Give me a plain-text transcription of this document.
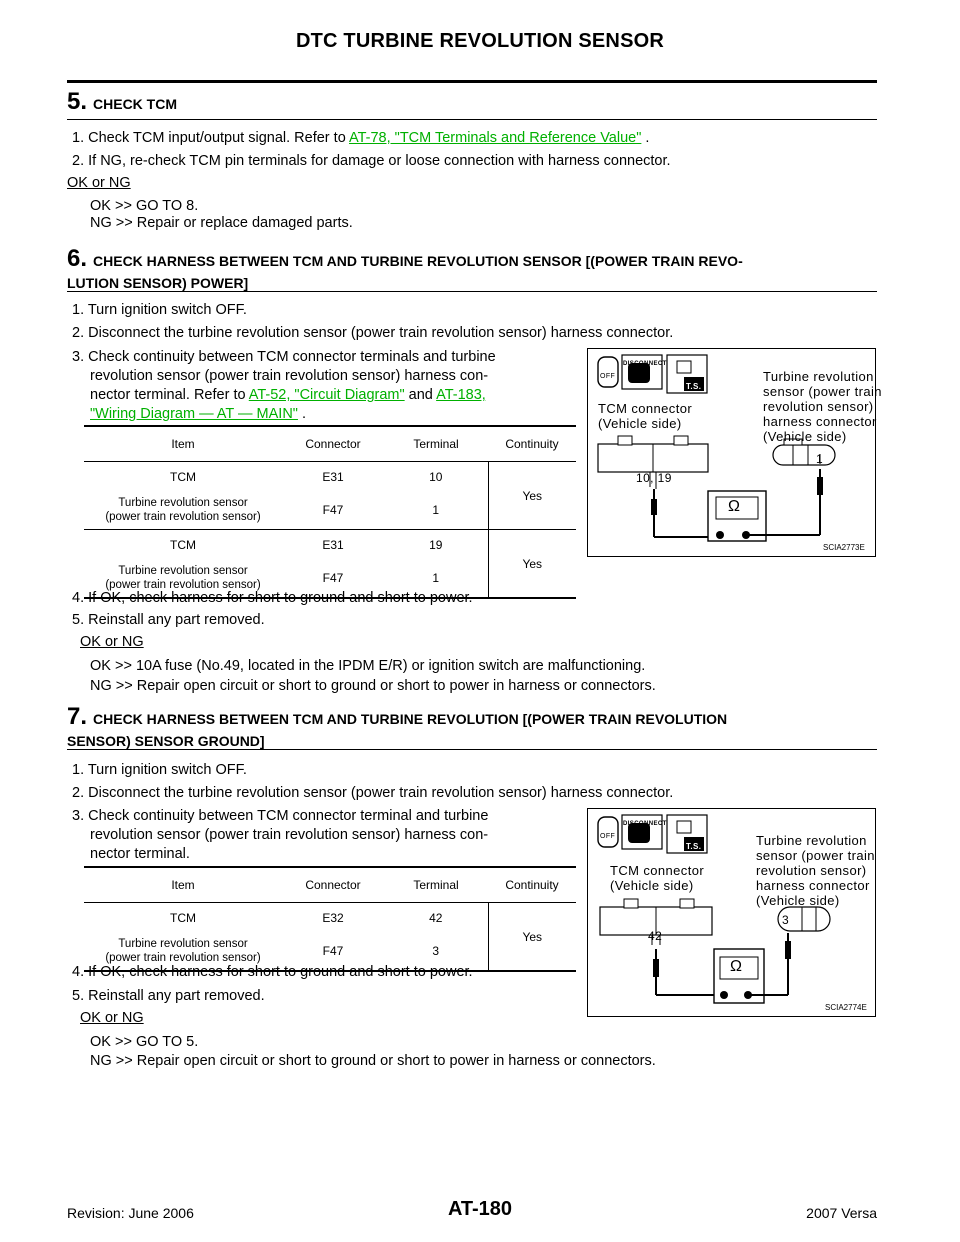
DTC TURBINE REVOLUTION SENSOR
5. CHECK TCM
1. Check TCM input/output signal. Refer to AT-78, "TCM Terminals and Reference Value" .
2. If NG, re-check TCM pin terminals for damage or loose connection with harness connector.
OK or NG
OK >> GO TO 8.
NG >> Repair or replace damaged parts.
6. CHECK HARNESS BETWEEN TCM AND TURBINE REVOLUTION SENSOR [(POWER TRAIN REVO-
LUTION SENSOR) POWER]
1. Turn ignition switch OFF.
2. Disconnect the turbine revolution sensor (power train revolution sensor) harness connector.
3. Check continuity between TCM connector terminals and turbine
revolution sensor (power train revolution sensor) harness con-
nector terminal. Refer to AT-52, "Circuit Diagram" and AT-183,
"Wiring Diagram — AT — MAIN" .
Item	Connector	Terminal	Continuity
TCM	E31	10	Yes
Turbine revolution sensor
(power train revolution sensor)	F47	1	
TCM	E31	19	Yes
Turbine revolution sensor
(power train revolution sensor)	F47	1	
DISCONNECT
OFF
T.S.
TCM connector
(Vehicle side)
Turbine revolution
sensor (power train
revolution sensor)
harness connector
(Vehicle side)
10, 19
1
Ω
SCIA2773E
4. If OK, check harness for short to ground and short to power.
5. Reinstall any part removed.
OK or NG
OK >> 10A fuse (No.49, located in the IPDM E/R) or ignition switch are malfunctioning.
NG >> Repair open circuit or short to ground or short to power in harness or connectors.
7. CHECK HARNESS BETWEEN TCM AND TURBINE REVOLUTION [(POWER TRAIN REVOLUTION
SENSOR) SENSOR GROUND]
1. Turn ignition switch OFF.
2. Disconnect the turbine revolution sensor (power train revolution sensor) harness connector.
3. Check continuity between TCM connector terminal and turbine
revolution sensor (power train revolution sensor) harness con-
nector terminal.
Item	Connector	Terminal	Continuity
TCM	E32	42	Yes
Turbine revolution sensor
(power train revolution sensor)	F47	3	
DISCONNECT
OFF
T.S.
TCM connector
(Vehicle side)
Turbine revolution
sensor (power train
revolution sensor)
harness connector
(Vehicle side)
42
3
Ω
SCIA2774E
4. If OK, check harness for short to ground and short to power.
5. Reinstall any part removed.
OK or NG
OK >> GO TO 5.
NG >> Repair open circuit or short to ground or short to power in harness or connectors.
Revision: June 2006	AT-180	2007 Versa
